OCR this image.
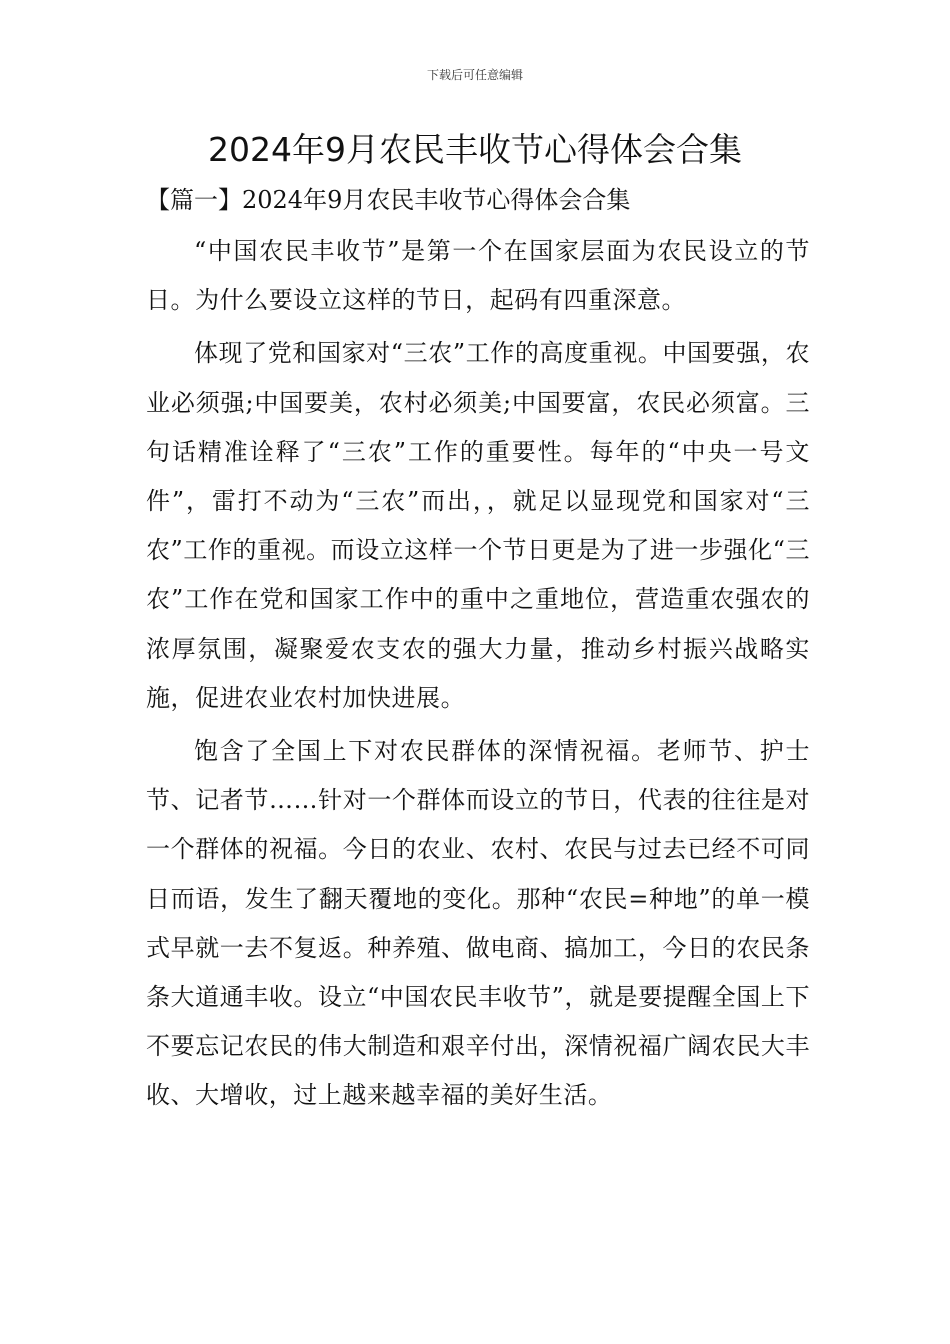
下载后可任意编辑
2024年9月农民丰收节心得体会合集
【篇一】2024年9月农民丰收节心得体会合集

“中国农民丰收节”是第一个在国家层面为农民设立的节日。为什么要设立这样的节日，起码有四重深意。

体现了党和国家对“三农”工作的高度重视。中国要强，农业必须强;中国要美，农村必须美;中国要富，农民必须富。三句话精准诠释了“三农”工作的重要性。每年的“中央一号文件”，雷打不动为“三农”而出，，就足以显现党和国家对“三农”工作的重视。而设立这样一个节日更是为了进一步强化“三农”工作在党和国家工作中的重中之重地位，营造重农强农的浓厚氛围，凝聚爱农支农的强大力量，推动乡村振兴战略实施，促进农业农村加快进展。

饱含了全国上下对农民群体的深情祝福。老师节、护士节、记者节……针对一个群体而设立的节日，代表的往往是对一个群体的祝福。今日的农业、农村、农民与过去已经不可同日而语，发生了翻天覆地的变化。那种“农民=种地”的单一模式早就一去不复返。种养殖、做电商、搞加工，今日的农民条条大道通丰收。设立“中国农民丰收节”，就是要提醒全国上下不要忘记农民的伟大制造和艰辛付出，深情祝福广阔农民大丰收、大增收，过上越来越幸福的美好生活。
